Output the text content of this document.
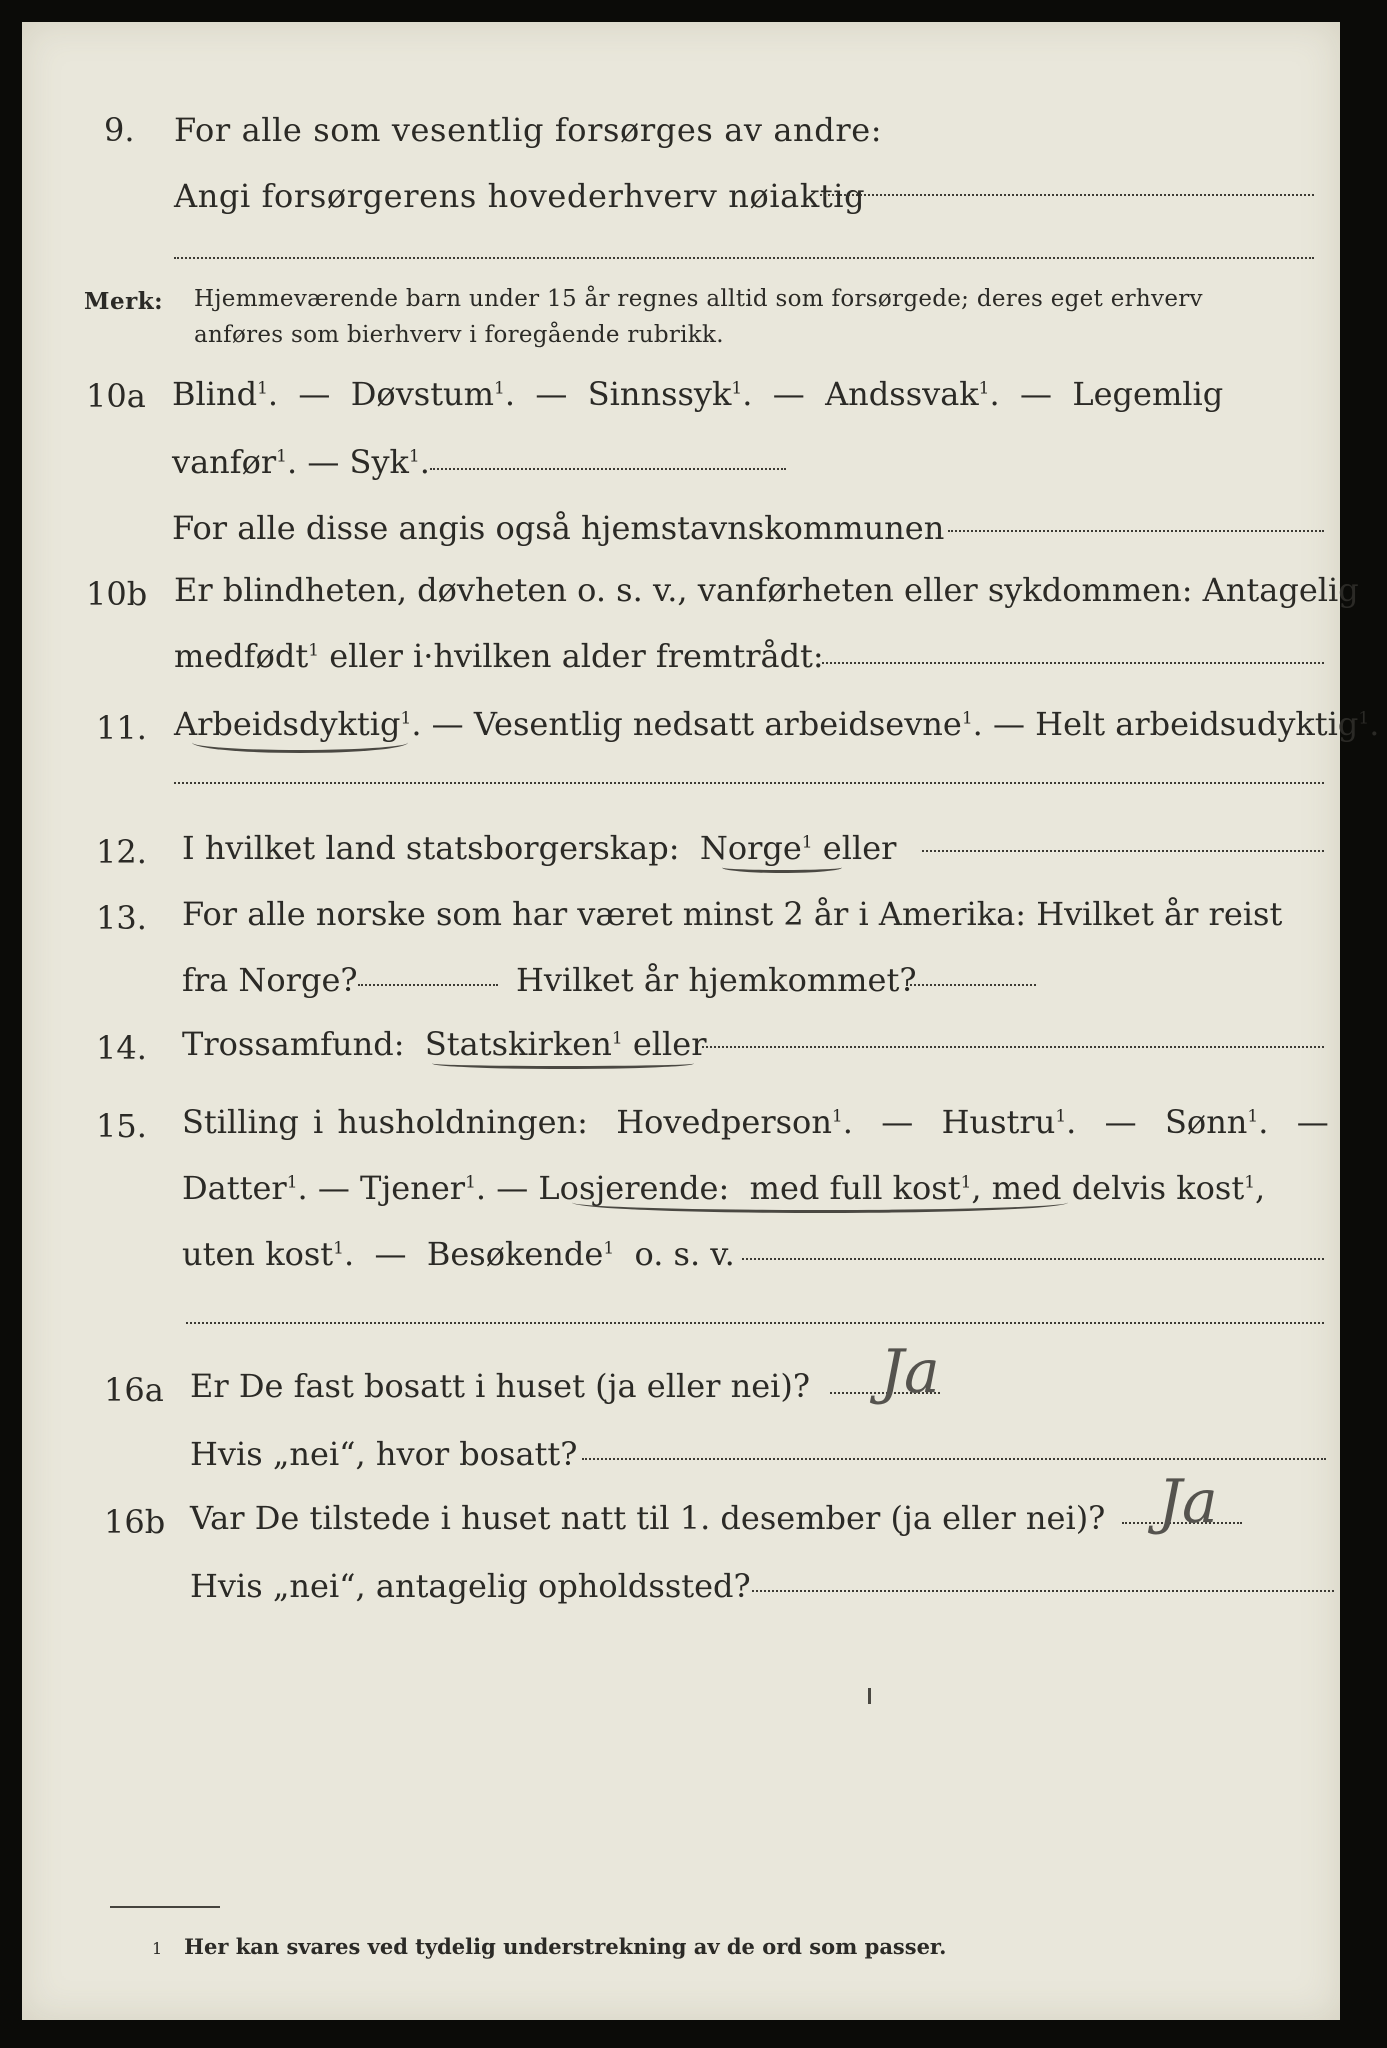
9. For alle som vesentlig forsørges av andre:
Angi forsørgerens hovederhverv nøiaktig
Merk: Hjemmeværende barn under 15 år regnes alltid som forsørgede; deres eget erhverv
anføres som bierhverv i foregående rubrikk.
10a Blind$^1$.  — Døvstum$^1$.  — Sinnssyk$^1$.  — Andssvak$^1$.  — Legemlig
vanfør$^1$. — Syk$^1$.
For alle disse angis også hjemstavnskommunen
10b Er blindheten, døvheten o. s. v., vanførheten eller sykdommen: Antagelig
medfødt$^1$ eller i·hvilken alder fremtrådt:
11. Arbeidsdyktig$^1$. — Vesentlig nedsatt arbeidsevne$^1$. — Helt arbeidsudyktig$^1$.
12. I hvilket land statsborgerskap: Norge$^1$ eller
13. For alle norske som har været minst 2 år i Amerika: Hvilket år reist
fra Norge?	Hvilket år hjemkommet?
14. Trossamfund: Statskirken$^1$ eller
15. Stilling i husholdningen: Hovedperson$^1$.  — Hustru$^1$.  — Sønn$^1$.  —
Datter$^1$. — Tjener$^1$. — Losjerende: med full kost$^1$, med delvis kost$^1$,
uten kost$^1$.  — Besøkende$^1$ o. s. v.
16a Er De fast bosatt i huset (ja eller nei)? Ja
Hvis „nei“, hvor bosatt?
16b Var De tilstede i huset natt til 1. desember (ja eller nei)? Ja
Hvis „nei“, antagelig opholdssted?
1 Her kan svares ved tydelig understrekning av de ord som passer.
